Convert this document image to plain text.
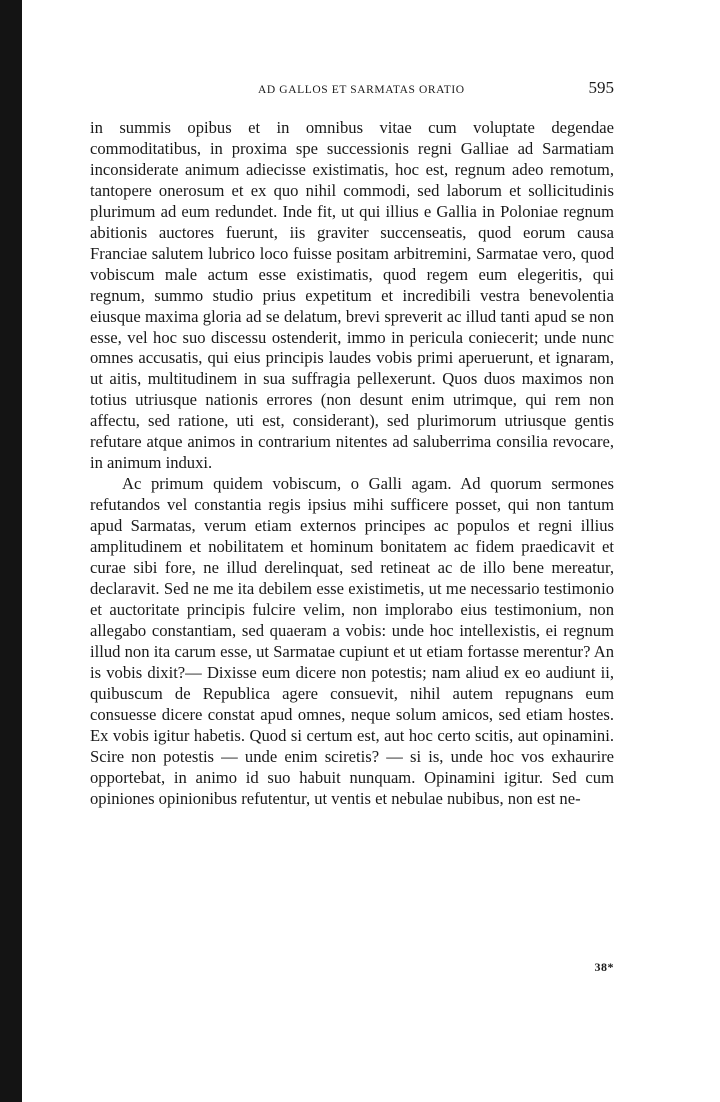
AD GALLOS ET SARMATAS ORATIO	595

in summis opibus et in omnibus vitae cum voluptate degendae commoditatibus, in proxima spe successionis regni Galliae ad Sarmatiam inconsiderate animum adiecisse existimatis, hoc est, regnum adeo remotum, tantopere onerosum et ex quo nihil commodi, sed laborum et sollicitudinis plurimum ad eum redundet. Inde fit, ut qui illius e Gallia in Poloniae regnum abitionis auctores fuerunt, iis graviter succenseatis, quod eorum causa Franciae salutem lubrico loco fuisse positam arbitremini, Sarmatae vero, quod vobiscum male actum esse existimatis, quod regem eum elegeritis, qui regnum, summo studio prius expetitum et incredibili vestra benevolentia eiusque maxima gloria ad se delatum, brevi spreverit ac illud tanti apud se non esse, vel hoc suo discessu ostenderit, immo in pericula coniecerit; unde nunc omnes accusatis, qui eius principis laudes vobis primi aperuerunt, et ignaram, ut aitis, multitudinem in sua suffragia pellexerunt. Quos duos maximos non totius utriusque nationis errores (non desunt enim utrimque, qui rem non affectu, sed ratione, uti est, considerant), sed plurimorum utriusque gentis refutare atque animos in contrarium nitentes ad saluberrima consilia revocare, in animum induxi.

Ac primum quidem vobiscum, o Galli agam. Ad quorum sermones refutandos vel constantia regis ipsius mihi sufficere posset, qui non tantum apud Sarmatas, verum etiam externos principes ac populos et regni illius amplitudinem et nobilitatem et hominum bonitatem ac fidem praedicavit et curae sibi fore, ne illud derelinquat, sed retineat ac de illo bene mereatur, declaravit. Sed ne me ita debilem esse existimetis, ut me necessario testimonio et auctoritate principis fulcire velim, non implorabo eius testimonium, non allegabo constantiam, sed quaeram a vobis: unde hoc intellexistis, ei regnum illud non ita carum esse, ut Sarmatae cupiunt et ut etiam fortasse merentur? An is vobis dixit?— Dixisse eum dicere non potestis; nam aliud ex eo audiunt ii, quibuscum de Republica agere consuevit, nihil autem repugnans eum consuesse dicere constat apud omnes, neque solum amicos, sed etiam hostes. Ex vobis igitur habetis. Quod si certum est, aut hoc certo scitis, aut opinamini. Scire non potestis — unde enim sciretis? — si is, unde hoc vos exhaurire opportebat, in animo id suo habuit nunquam. Opinamini igitur. Sed cum opiniones opinionibus refutentur, ut ventis et nebulae nubibus, non est ne-

38*
